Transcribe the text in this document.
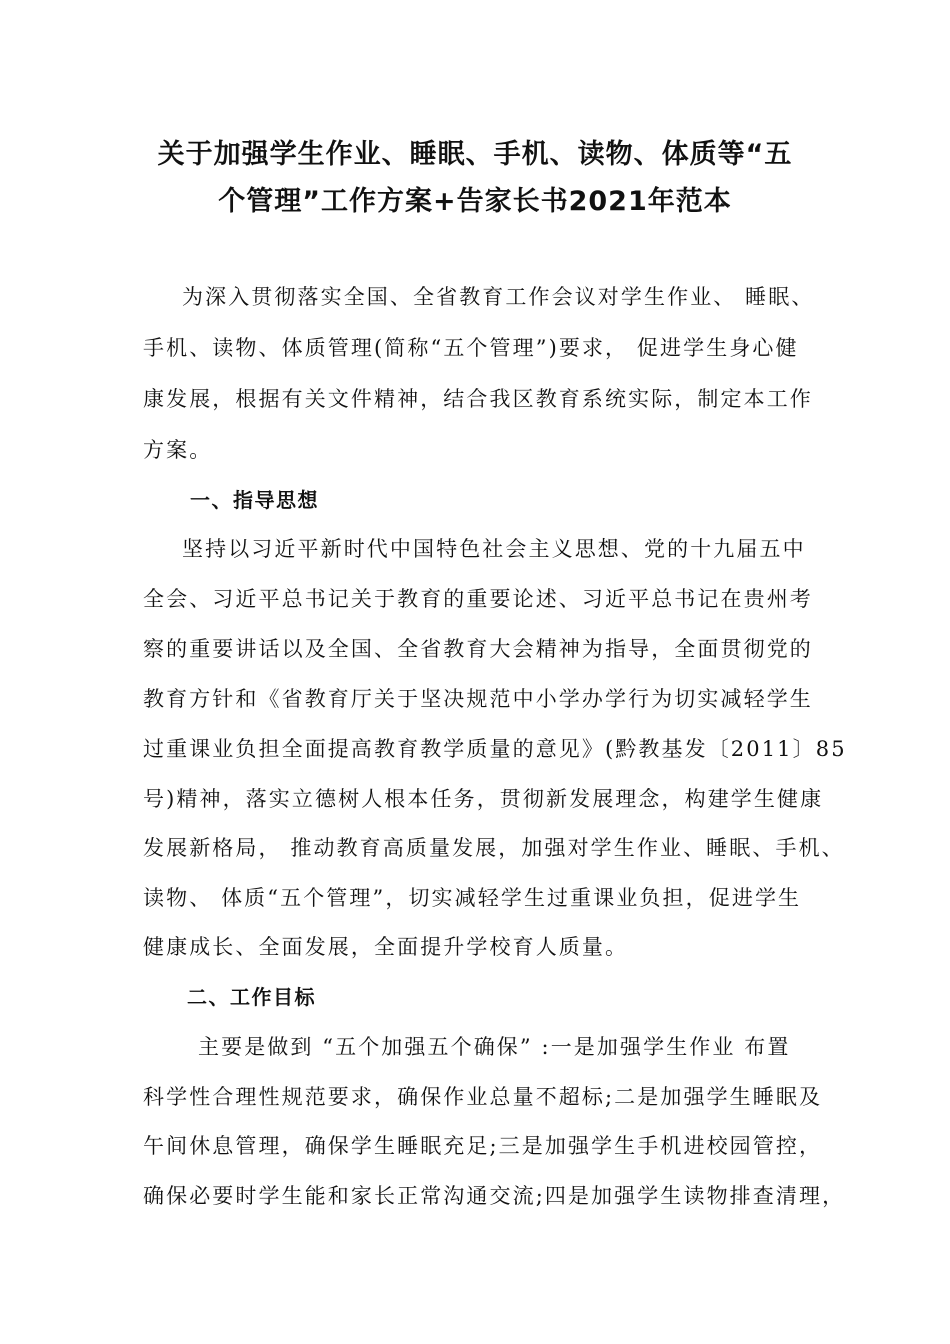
关于加强学生作业、睡眠、手机、读物、体质等“五
个管理”工作方案+告家长书2021年范本
为深入贯彻落实全国、全省教育工作会议对学生作业、 睡眠、
手机、读物、体质管理(简称“五个管理”)要求， 促进学生身心健
康发展，根据有关文件精神，结合我区教育系统实际，制定本工作
方案。
一、指导思想
坚持以习近平新时代中国特色社会主义思想、党的十九届五中
全会、习近平总书记关于教育的重要论述、习近平总书记在贵州考
察的重要讲话以及全国、全省教育大会精神为指导，全面贯彻党的
教育方针和《省教育厅关于坚决规范中小学办学行为切实减轻学生
过重课业负担全面提高教育教学质量的意见》(黔教基发〔2011〕85
号)精神，落实立德树人根本任务，贯彻新发展理念，构建学生健康
发展新格局， 推动教育高质量发展，加强对学生作业、睡眠、手机、
读物、 体质“五个管理”，切实减轻学生过重课业负担，促进学生
健康成长、全面发展，全面提升学校育人质量。
二、工作目标
主要是做到 “五个加强五个确保” :一是加强学生作业 布置
科学性合理性规范要求，确保作业总量不超标;二是加强学生睡眠及
午间休息管理，确保学生睡眠充足;三是加强学生手机进校园管控，
确保必要时学生能和家长正常沟通交流;四是加强学生读物排查清理，
